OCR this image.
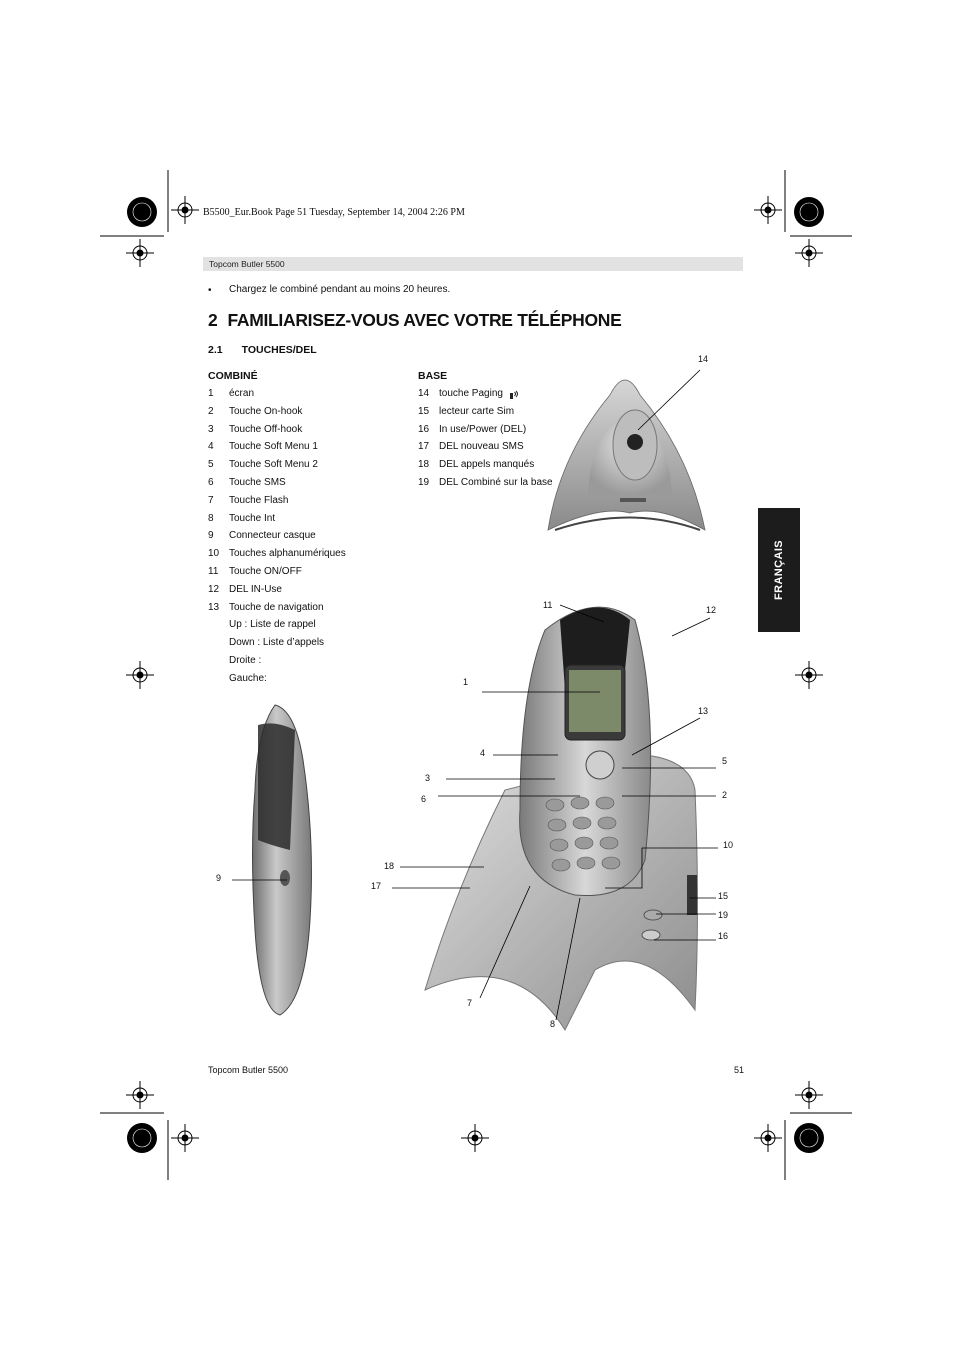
B5500_Eur.Book Page 51 Tuesday, September 14, 2004 2:26 PM
Topcom Butler 5500
• Chargez le combiné pendant au moins 20 heures.
2 FAMILIARISEZ-VOUS AVEC VOTRE TÉLÉPHONE
2.1 TOUCHES/DEL
COMBINÉ	BASE
1 écran
2 Touche On-hook
3 Touche Off-hook
4 Touche Soft Menu 1
5 Touche Soft Menu 2
6 Touche SMS
7 Touche Flash
8 Touche Int
9 Connecteur casque
10 Touches alphanumériques
11 Touche ON/OFF
12 DEL IN-Use
13 Touche de navigation
Up : Liste de rappel
Down : Liste d’appels
Droite :
Gauche:
14 touche Paging
15 lecteur carte Sim
16 In use/Power (DEL)
17 DEL nouveau SMS
18 DEL appels manqués
19 DEL Combiné sur la base
14
11	12
1
13
4
5
3
2
6
10
18
9
17
15
19
16
7
8
FRANÇAIS
Topcom Butler 5500	51
